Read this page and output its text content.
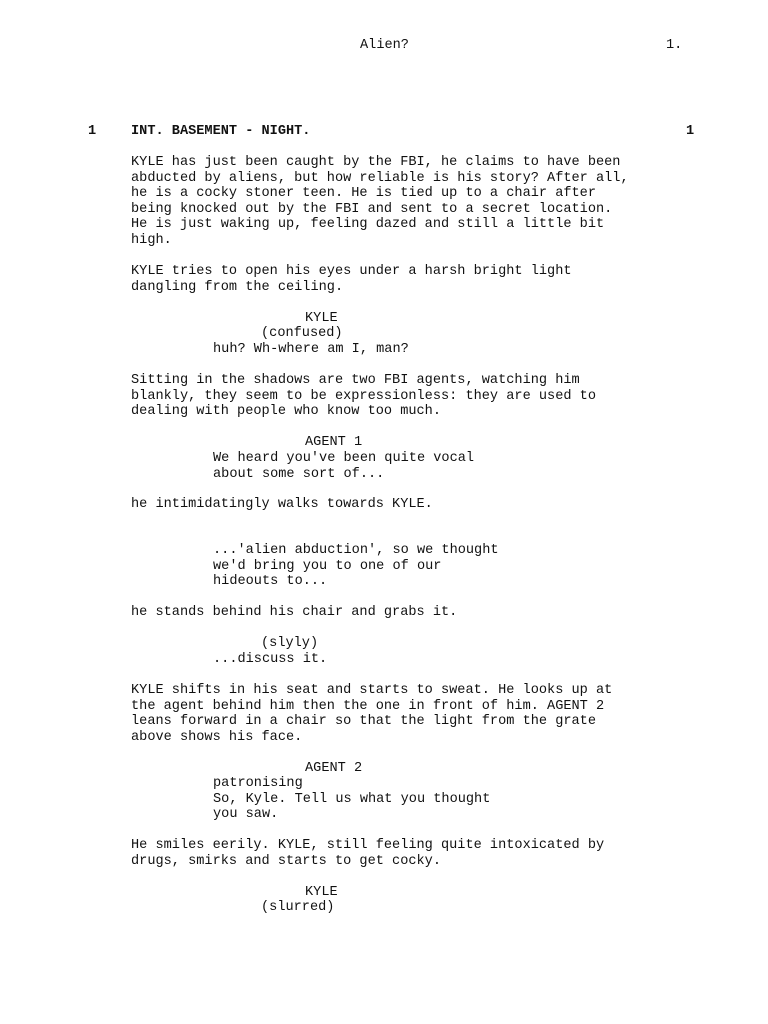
Alien?	1.
1	INT. BASEMENT - NIGHT.	1
KYLE has just been caught by the FBI, he claims to have been
abducted by aliens, but how reliable is his story? After all,
he is a cocky stoner teen. He is tied up to a chair after
being knocked out by the FBI and sent to a secret location.
He is just waking up, feeling dazed and still a little bit
high.
KYLE tries to open his eyes under a harsh bright light
dangling from the ceiling.
KYLE
(confused)
huh? Wh-where am I, man?
Sitting in the shadows are two FBI agents, watching him
blankly, they seem to be expressionless: they are used to
dealing with people who know too much.
AGENT 1
We heard you've been quite vocal
about some sort of...
he intimidatingly walks towards KYLE.
...'alien abduction', so we thought
we'd bring you to one of our
hideouts to...
he stands behind his chair and grabs it.
(slyly)
...discuss it.
KYLE shifts in his seat and starts to sweat. He looks up at
the agent behind him then the one in front of him. AGENT 2
leans forward in a chair so that the light from the grate
above shows his face.
AGENT 2
patronising
So, Kyle. Tell us what you thought
you saw.
He smiles eerily. KYLE, still feeling quite intoxicated by
drugs, smirks and starts to get cocky.
KYLE
(slurred)
